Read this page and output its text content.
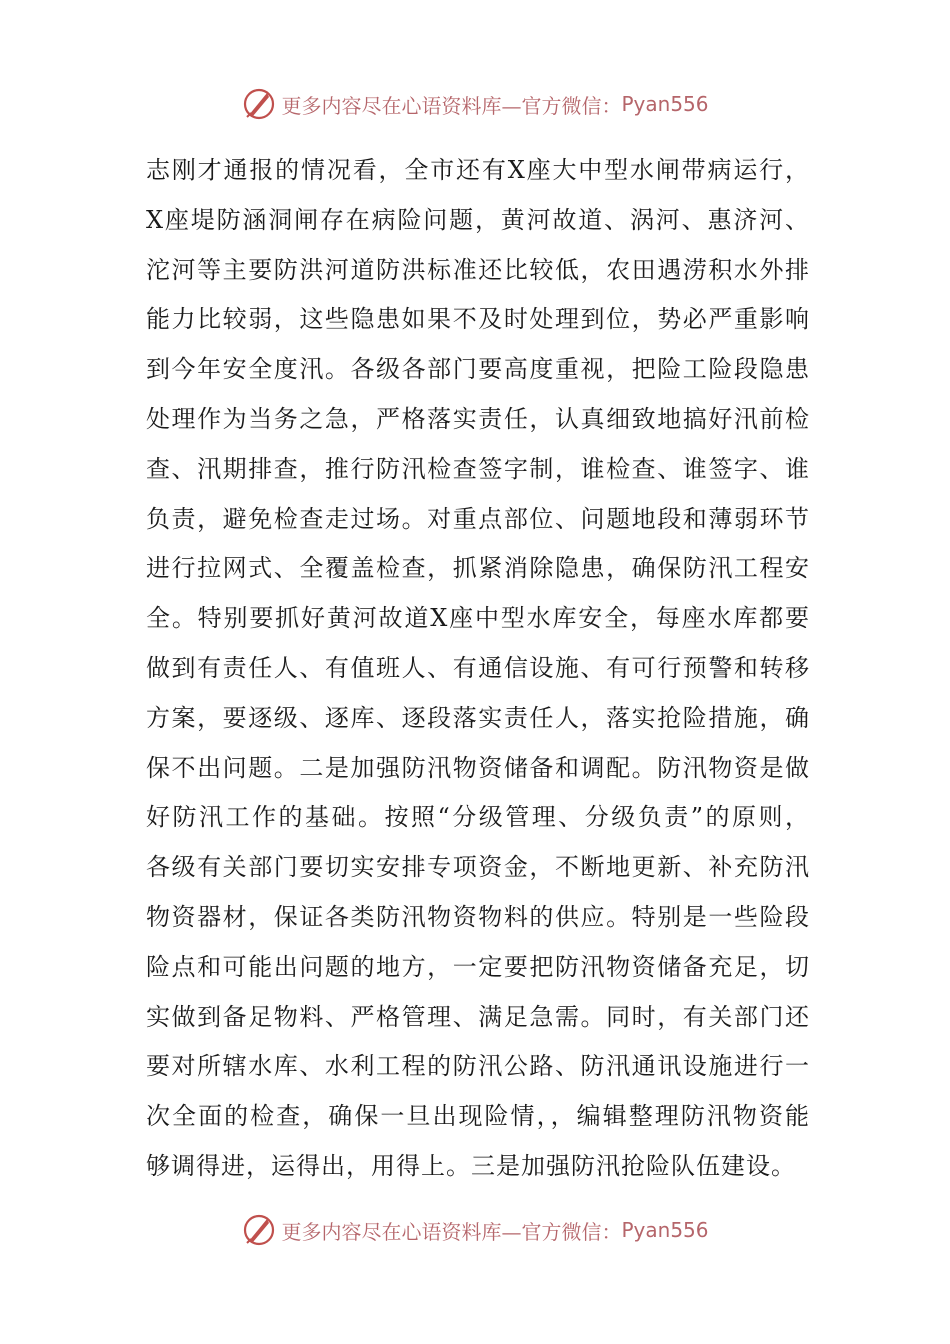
更多内容尽在心语资料库—官方微信： Pyan556
志刚才通报的情况看，全市还有X座大中型水闸带病运行，
X座堤防涵洞闸存在病险问题，黄河故道、涡河、惠济河、
沱河等主要防洪河道防洪标准还比较低，农田遇涝积水外排
能力比较弱，这些隐患如果不及时处理到位，势必严重影响
到今年安全度汛。各级各部门要高度重视，把险工险段隐患
处理作为当务之急，严格落实责任，认真细致地搞好汛前检
查、汛期排查，推行防汛检查签字制，谁检查、谁签字、谁
负责，避免检查走过场。对重点部位、问题地段和薄弱环节
进行拉网式、全覆盖检查，抓紧消除隐患，确保防汛工程安
全。特别要抓好黄河故道X座中型水库安全，每座水库都要
做到有责任人、有值班人、有通信设施、有可行预警和转移
方案，要逐级、逐库、逐段落实责任人，落实抢险措施，确
保不出问题。二是加强防汛物资储备和调配。防汛物资是做
好防汛工作的基础。按照“分级管理、分级负责”的原则，
各级有关部门要切实安排专项资金，不断地更新、补充防汛
物资器材，保证各类防汛物资物料的供应。特别是一些险段
险点和可能出问题的地方，一定要把防汛物资储备充足，切
实做到备足物料、严格管理、满足急需。同时，有关部门还
要对所辖水库、水利工程的防汛公路、防汛通讯设施进行一
次全面的检查，确保一旦出现险情，，编辑整理防汛物资能
够调得进，运得出，用得上。三是加强防汛抢险队伍建设。
更多内容尽在心语资料库—官方微信： Pyan556
